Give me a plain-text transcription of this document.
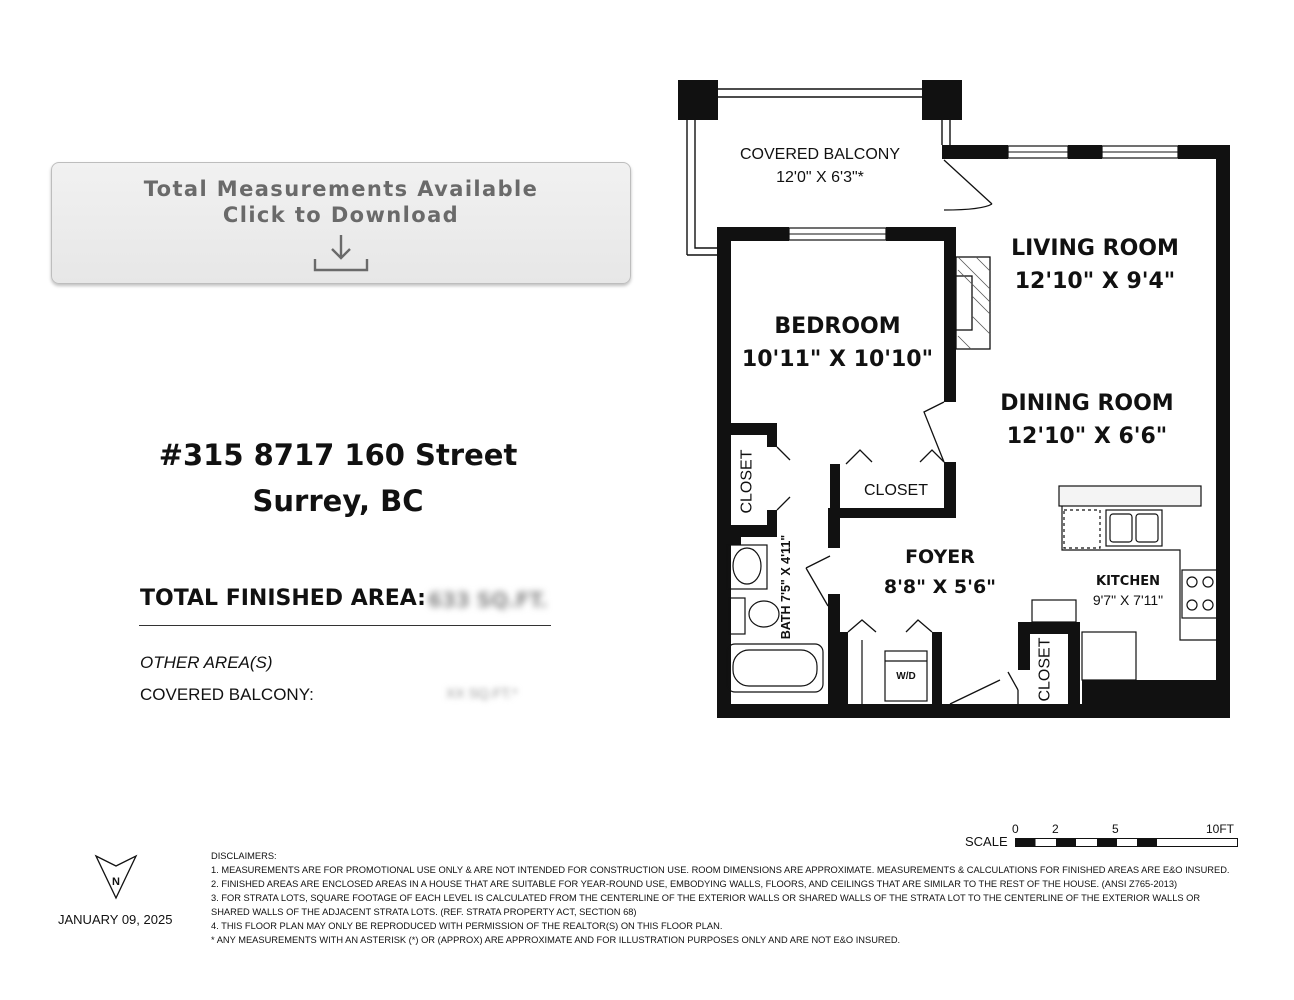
Total Measurements Available
Click to Download
#315 8717 160 Street
Surrey, BC
TOTAL FINISHED AREA: 633 SQ.FT.
OTHER AREA(S)
COVERED BALCONY:	XX SQ.FT.*
COVERED BALCONY
12'0" X 6'3"*
LIVING ROOM
12'10" X 9'4"
BEDROOM
10'11" X 10'10"
DINING ROOM
12'10" X 6'6"
CLOSET
CLOSET
FOYER
8'8" X 5'6"	KITCHEN
9'7" X 7'11"
BATH 7'5" X 4'11"
CLOSET
W/D
SCALE
0	2	5	10FT
DISCLAIMERS:
1. MEASUREMENTS ARE FOR PROMOTIONAL USE ONLY & ARE NOT INTENDED FOR CONSTRUCTION USE. ROOM DIMENSIONS ARE APPROXIMATE. MEASUREMENTS & CALCULATIONS FOR FINISHED AREAS ARE E&O INSURED.
2. FINISHED AREAS ARE ENCLOSED AREAS IN A HOUSE THAT ARE SUITABLE FOR YEAR-ROUND USE, EMBODYING WALLS, FLOORS, AND CEILINGS THAT ARE SIMILAR TO THE REST OF THE HOUSE. (ANSI Z765-2013)
3. FOR STRATA LOTS, SQUARE FOOTAGE OF EACH LEVEL IS CALCULATED FROM THE CENTERLINE OF THE EXTERIOR WALLS OR SHARED WALLS OF THE STRATA LOT TO THE CENTERLINE OF THE EXTERIOR WALLS OR
SHARED WALLS OF THE ADJACENT STRATA LOTS. (REF. STRATA PROPERTY ACT, SECTION 68)
4. THIS FLOOR PLAN MAY ONLY BE REPRODUCED WITH PERMISSION OF THE REALTOR(S) ON THIS FLOOR PLAN.
* ANY MEASUREMENTS WITH AN ASTERISK (*) OR (APPROX) ARE APPROXIMATE AND FOR ILLUSTRATION PURPOSES ONLY AND ARE NOT E&O INSURED.
N
JANUARY 09, 2025
